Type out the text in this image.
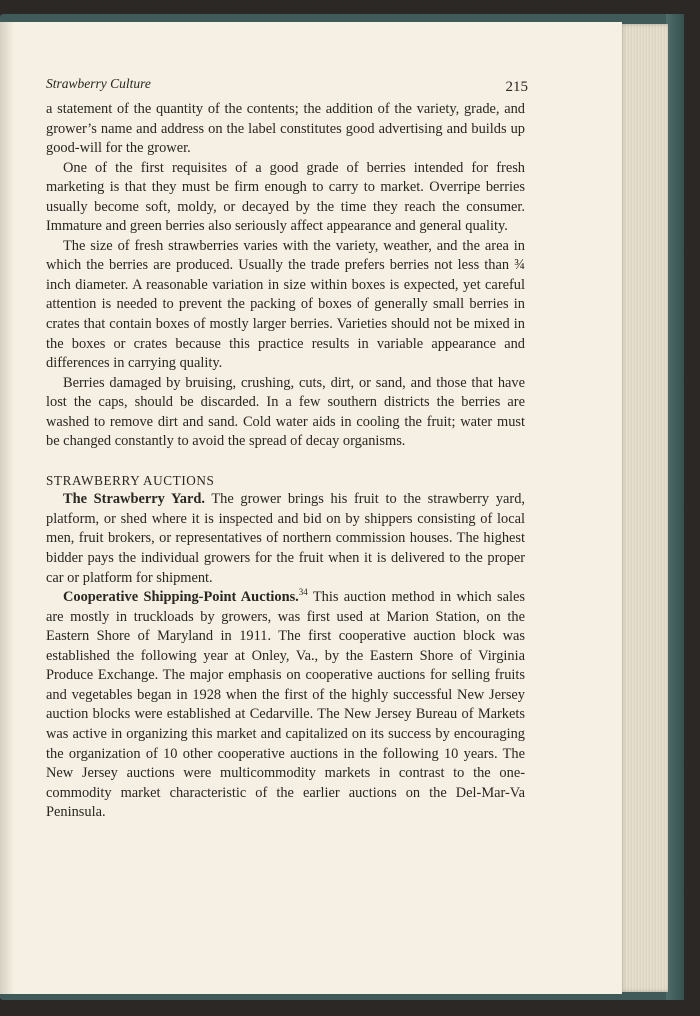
Strawberry Culture	215

a statement of the quantity of the contents; the addition of the variety, grade, and grower’s name and address on the label constitutes good advertising and builds up good-will for the grower.

One of the first requisites of a good grade of berries intended for fresh marketing is that they must be firm enough to carry to market. Overripe berries usually become soft, moldy, or decayed by the time they reach the consumer. Immature and green berries also seriously affect appearance and general quality.

The size of fresh strawberries varies with the variety, weather, and the area in which the berries are produced. Usually the trade prefers berries not less than ¾ inch diameter. A reasonable variation in size within boxes is expected, yet careful attention is needed to prevent the packing of boxes of generally small berries in crates that contain boxes of mostly larger berries. Varieties should not be mixed in the boxes or crates because this practice results in variable appearance and differences in carrying quality.

Berries damaged by bruising, crushing, cuts, dirt, or sand, and those that have lost the caps, should be discarded. In a few southern districts the berries are washed to remove dirt and sand. Cold water aids in cooling the fruit; water must be changed constantly to avoid the spread of decay organisms.

STRAWBERRY AUCTIONS

The Strawberry Yard. The grower brings his fruit to the strawberry yard, platform, or shed where it is inspected and bid on by shippers consisting of local men, fruit brokers, or representatives of northern commission houses. The highest bidder pays the individual growers for the fruit when it is delivered to the proper car or platform for shipment.

Cooperative Shipping-Point Auctions.$^{34}$ This auction method in which sales are mostly in truckloads by growers, was first used at Marion Station, on the Eastern Shore of Maryland in 1911. The first cooperative auction block was established the following year at Onley, Va., by the Eastern Shore of Virginia Produce Exchange. The major emphasis on cooperative auctions for selling fruits and vegetables began in 1928 when the first of the highly successful New Jersey auction blocks were established at Cedarville. The New Jersey Bureau of Markets was active in organizing this market and capitalized on its success by encouraging the organization of 10 other cooperative auctions in the following 10 years. The New Jersey auctions were multicommodity markets in contrast to the one-commodity market characteristic of the earlier auctions on the Del-Mar-Va Peninsula.
